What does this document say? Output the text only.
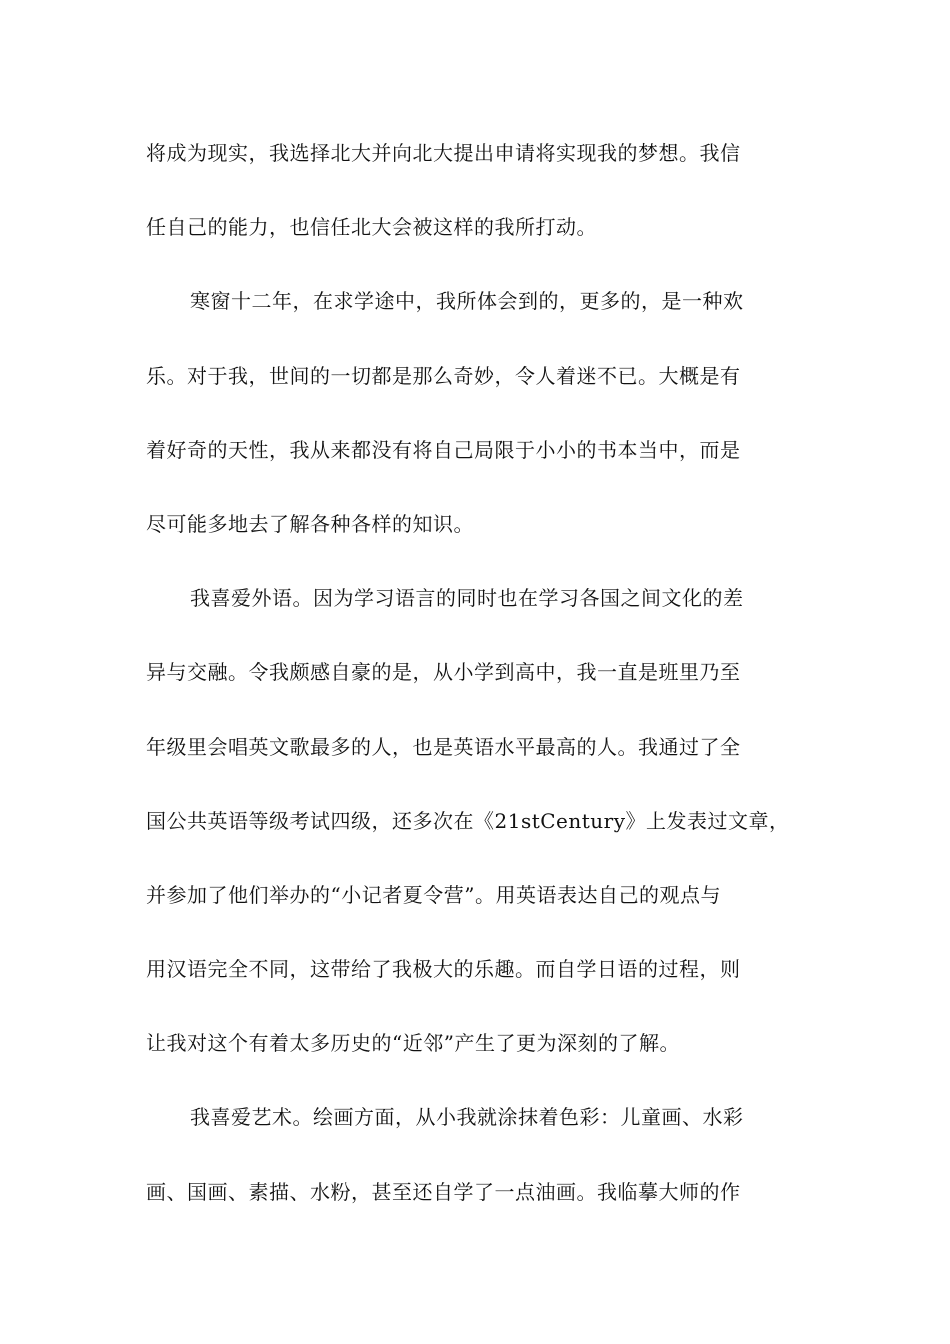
将成为现实，我选择北大并向北大提出申请将实现我的梦想。我信
任自己的能力，也信任北大会被这样的我所打动。
寒窗十二年，在求学途中，我所体会到的，更多的，是一种欢
乐。对于我，世间的一切都是那么奇妙，令人着迷不已。大概是有
着好奇的天性，我从来都没有将自己局限于小小的书本当中，而是
尽可能多地去了解各种各样的知识。
我喜爱外语。因为学习语言的同时也在学习各国之间文化的差
异与交融。令我颇感自豪的是，从小学到高中，我一直是班里乃至
年级里会唱英文歌最多的人，也是英语水平最高的人。我通过了全
国公共英语等级考试四级，还多次在《21stCentury》上发表过文章，
并参加了他们举办的“小记者夏令营”。用英语表达自己的观点与
用汉语完全不同，这带给了我极大的乐趣。而自学日语的过程，则
让我对这个有着太多历史的“近邻”产生了更为深刻的了解。
我喜爱艺术。绘画方面，从小我就涂抹着色彩：儿童画、水彩
画、国画、素描、水粉，甚至还自学了一点油画。我临摹大师的作
